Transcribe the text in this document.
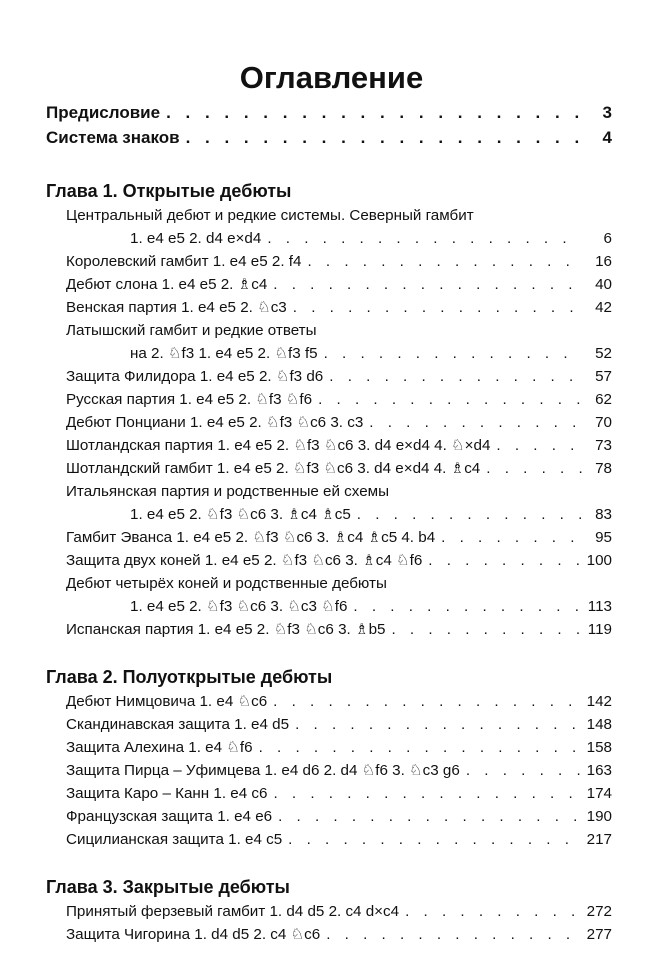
Оглавление
Предисловие . . .	3
Система знаков . . .	4
Глава 1. Открытые дебюты
Центральный дебют и редкие системы. Северный гамбит
1. e4 e5 2. d4 e×d4 . . .	6
Королевский гамбит 1. e4 e5 2. f4 . . .	16
Дебют слона 1. e4 e5 2. ♗c4 . . .	40
Венская партия 1. e4 e5 2. ♘c3 . . .	42
Латышский гамбит и редкие ответы
на 2. ♘f3 1. e4 e5 2. ♘f3 f5 . . .	52
Защита Филидора 1. e4 e5 2. ♘f3 d6 . . .	57
Русская партия 1. e4 e5 2. ♘f3 ♘f6 . . .	62
Дебют Понциани 1. e4 e5 2. ♘f3 ♘c6 3. c3 . . .	70
Шотландская партия 1. e4 e5 2. ♘f3 ♘c6 3. d4 e×d4 4. ♘×d4 . . .	73
Шотландский гамбит 1. e4 e5 2. ♘f3 ♘c6 3. d4 e×d4 4. ♗c4 . . .	78
Итальянская партия и родственные ей схемы
1. e4 e5 2. ♘f3 ♘c6 3. ♗c4 ♗c5 . . .	83
Гамбит Эванса 1. e4 e5 2. ♘f3 ♘c6 3. ♗c4 ♗c5 4. b4 . . .	95
Защита двух коней 1. e4 e5 2. ♘f3 ♘c6 3. ♗c4 ♘f6 . . .	100
Дебют четырёх коней и родственные дебюты
1. e4 e5 2. ♘f3 ♘c6 3. ♘c3 ♘f6 . . .	113
Испанская партия 1. e4 e5 2. ♘f3 ♘c6 3. ♗b5 . . .	119
Глава 2. Полуоткрытые дебюты
Дебют Нимцовича 1. e4 ♘c6 . . .	142
Скандинавская защита 1. e4 d5 . . .	148
Защита Алехина 1. e4 ♘f6 . . .	158
Защита Пирца – Уфимцева 1. e4 d6 2. d4 ♘f6 3. ♘c3 g6 . . .	163
Защита Каро – Канн 1. e4 c6 . . .	174
Французская защита 1. e4 e6 . . .	190
Сицилианская защита 1. e4 c5 . . .	217
Глава 3. Закрытые дебюты
Принятый ферзевый гамбит 1. d4 d5 2. c4 d×c4 . . .	272
Защита Чигорина 1. d4 d5 2. c4 ♘c6 . . .	277
